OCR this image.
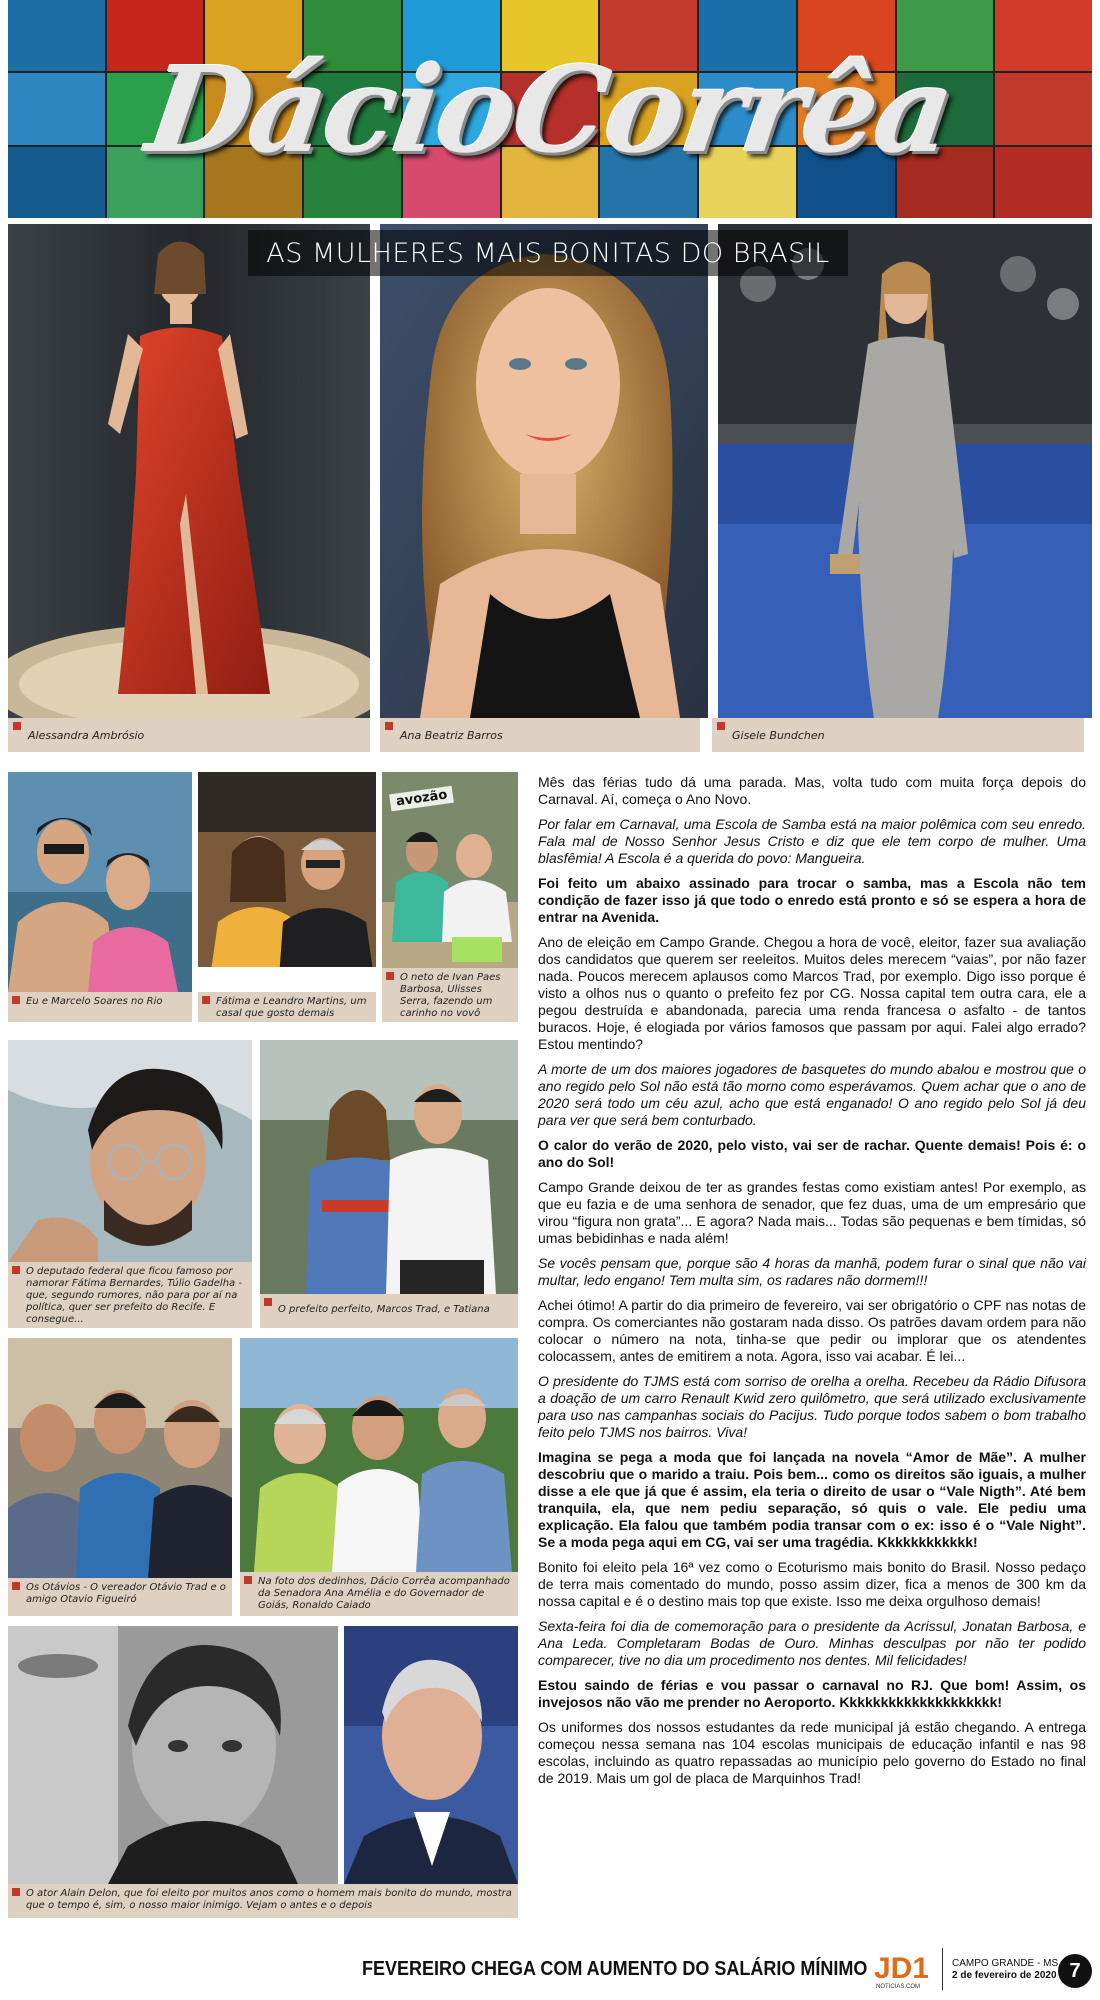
DácioCorrêa
AS MULHERES MAIS BONITAS DO BRASIL
Alessandra Ambrósio	Ana Beatriz Barros	Gisele Bundchen
Eu e Marcelo Soares no Rio	Fátima e Leandro Martins, um casal que gosto demais
avozão
O neto de Ivan Paes Barbosa, Ulisses Serra, fazendo um carinho no vovô
O deputado federal que ficou famoso por namorar Fátima Bernardes, Túlio Gadelha - que, segundo rumores, não para por aí na política, quer ser prefeito do Recife. E consegue...
O prefeito perfeito, Marcos Trad, e Tatiana
Os Otávios - O vereador Otávio Trad e o amigo Otavio Figueiró
Na foto dos dedinhos, Dácio Corrêa acompanhado da Senadora Ana Amélia e do Governador de Goiás, Ronaldo Caiado
O ator Alain Delon, que foi eleito por muitos anos como o homem mais bonito do mundo, mostra que o tempo é, sim, o nosso maior inimigo. Vejam o antes e o depois

Mês das férias tudo dá uma parada. Mas, volta tudo com muita força depois do Carnaval. Aí, começa o Ano Novo.

Por falar em Carnaval, uma Escola de Samba está na maior polêmica com seu enredo. Fala mal de Nosso Senhor Jesus Cristo e diz que ele tem corpo de mulher. Uma blasfêmia! A Escola é a querida do povo: Mangueira.

Foi feito um abaixo assinado para trocar o samba, mas a Escola não tem condição de fazer isso já que todo o enredo está pronto e só se espera a hora de entrar na Avenida.

Ano de eleição em Campo Grande. Chegou a hora de você, eleitor, fazer sua avaliação dos candidatos que querem ser reeleitos. Muitos deles merecem “vaias”, por não fazer nada. Poucos merecem aplausos como Marcos Trad, por exemplo. Digo isso porque é visto a olhos nus o quanto o prefeito fez por CG. Nossa capital tem outra cara, ele a pegou destruída e abandonada, parecia uma renda francesa o asfalto - de tantos buracos. Hoje, é elogiada por vários famosos que passam por aqui. Falei algo errado? Estou mentindo?

A morte de um dos maiores jogadores de basquetes do mundo abalou e mostrou que o ano regido pelo Sol não está tão morno como esperávamos. Quem achar que o ano de 2020 será todo um céu azul, acho que está enganado! O ano regido pelo Sol já deu para ver que será bem conturbado.

O calor do verão de 2020, pelo visto, vai ser de rachar. Quente demais! Pois é: o ano do Sol!

Campo Grande deixou de ter as grandes festas como existiam antes! Por exemplo, as que eu fazia e de uma senhora de senador, que fez duas, uma de um empresário que virou “figura non grata”... E agora? Nada mais... Todas são pequenas e bem tímidas, só umas bebidinhas e nada além!

Se vocês pensam que, porque são 4 horas da manhã, podem furar o sinal que não vai multar, ledo engano! Tem multa sim, os radares não dormem!!!

Achei ótimo! A partir do dia primeiro de fevereiro, vai ser obrigatório o CPF nas notas de compra. Os comerciantes não gostaram nada disso. Os patrões davam ordem para não colocar o número na nota, tinha-se que pedir ou implorar que os atendentes colocassem, antes de emitirem a nota. Agora, isso vai acabar. É lei...

O presidente do TJMS está com sorriso de orelha a orelha. Recebeu da Rádio Difusora a doação de um carro Renault Kwid zero quilômetro, que será utilizado exclusivamente para uso nas campanhas sociais do Pacijus. Tudo porque todos sabem o bom trabalho feito pelo TJMS nos bairros. Viva!

Imagina se pega a moda que foi lançada na novela “Amor de Mãe”. A mulher descobriu que o marido a traiu. Pois bem... como os direitos são iguais, a mulher disse a ele que já que é assim, ela teria o direito de usar o “Vale Nigth”. Até bem tranquila, ela, que nem pediu separação, só quis o vale. Ele pediu uma explicação. Ela falou que também podia transar com o ex: isso é o “Vale Night”. Se a moda pega aqui em CG, vai ser uma tragédia. Kkkkkkkkkkkk!

Bonito foi eleito pela 16ª vez como o Ecoturismo mais bonito do Brasil. Nosso pedaço de terra mais comentado do mundo, posso assim dizer, fica a menos de 300 km da nossa capital e é o destino mais top que existe. Isso me deixa orgulhoso demais!

Sexta-feira foi dia de comemoração para o presidente da Acrissul, Jonatan Barbosa, e Ana Leda. Completaram Bodas de Ouro. Minhas desculpas por não ter podido comparecer, tive no dia um procedimento nos dentes. Mil felicidades!

Estou saindo de férias e vou passar o carnaval no RJ. Que bom! Assim, os invejosos não vão me prender no Aeroporto. Kkkkkkkkkkkkkkkkkkkk!

Os uniformes dos nossos estudantes da rede municipal já estão chegando. A entrega começou nessa semana nas 104 escolas municipais de educação infantil e nas 98 escolas, incluindo as quatro repassadas ao município pelo governo do Estado no final de 2019. Mais um gol de placa de Marquinhos Trad!

FEVEREIRO CHEGA COM AUMENTO DO SALÁRIO MÍNIMO JD1
NOTICIAS.COM
CAMPO GRANDE - MS
2 de fevereiro de 2020 7
